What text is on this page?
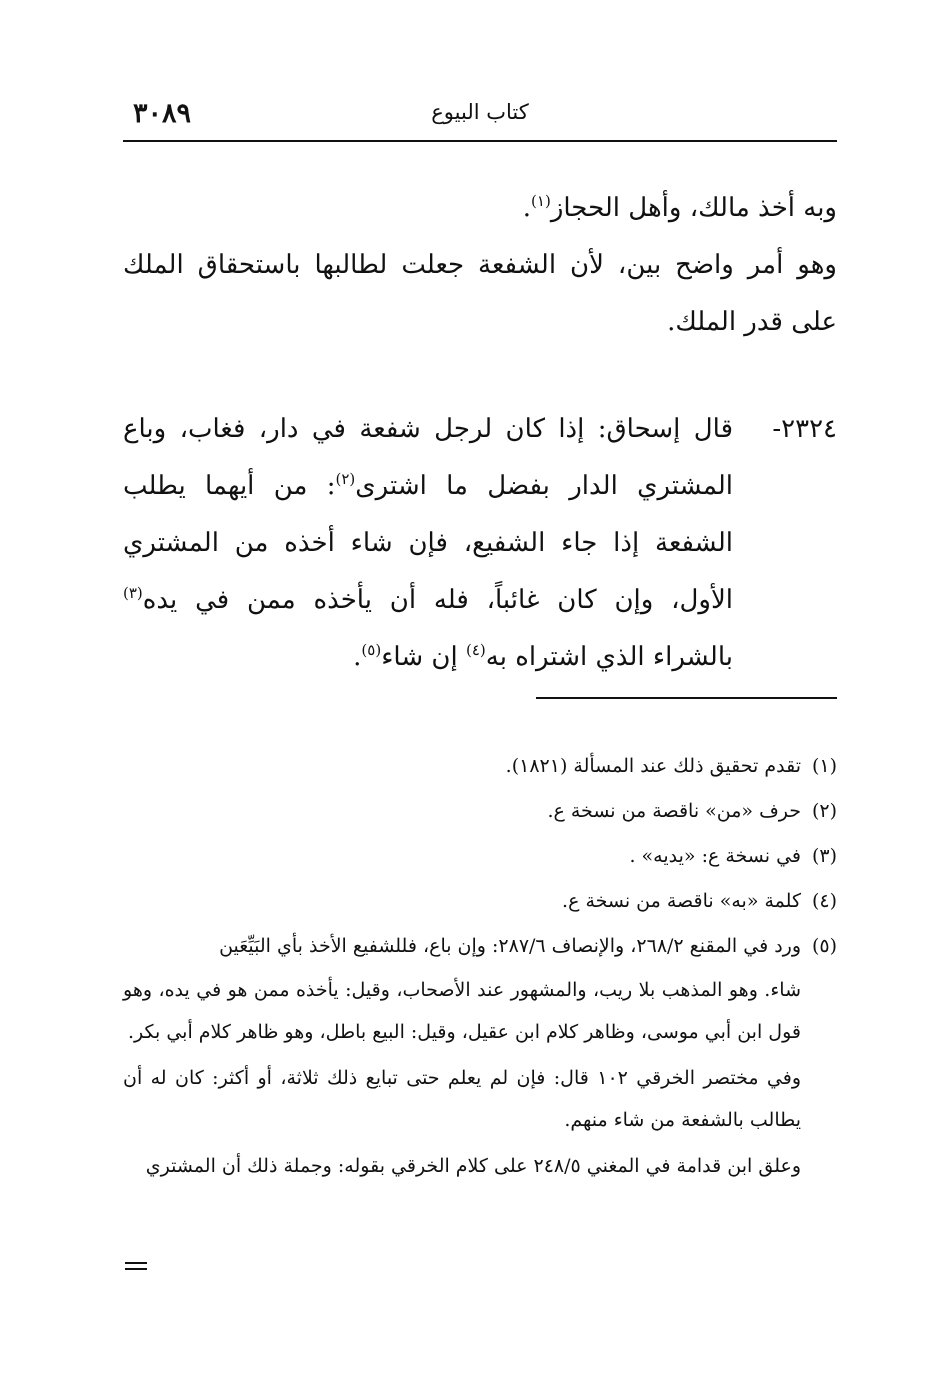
٣٠٨٩	كتاب البيوع

وبه أخذ مالك، وأهل الحجاز$^{(١)}$.

وهو أمر واضح بين، لأن الشفعة جعلت لطالبها باستحقاق الملك على قدر الملك.

٢٣٢٤-

قال إسحاق: إذا كان لرجل شفعة في دار، فغاب، وباع المشتري الدار بفضل ما اشترى$^{(٢)}$: من أيهما يطلب الشفعة إذا جاء الشفيع، فإن شاء أخذه من المشتري الأول، وإن كان غائباً، فله أن يأخذه ممن في يده$^{(٣)}$ بالشراء الذي اشتراه به$^{(٤)}$ إن شاء$^{(٥)}$.

(١)
تقدم تحقيق ذلك عند المسألة (١٨٢١).

(٢)
حرف «من» ناقصة من نسخة ع.

(٣)
في نسخة ع: «يديه» .

(٤)
كلمة «به» ناقصة من نسخة ع.

(٥)
ورد في المقنع ٢٦٨/٢، والإنصاف ٢٨٧/٦: وإن باع، فللشفيع الأخذ بأي البَيِّعَين

شاء. وهو المذهب بلا ريب، والمشهور عند الأصحاب، وقيل: يأخذه ممن هو في يده، وهو قول ابن أبي موسى، وظاهر كلام ابن عقيل، وقيل: البيع باطل، وهو ظاهر كلام أبي بكر.

وفي مختصر الخرقي ١٠٢ قال: فإن لم يعلم حتى تبايع ذلك ثلاثة، أو أكثر: كان له أن يطالب بالشفعة من شاء منهم.

وعلق ابن قدامة في المغني ٢٤٨/٥ على كلام الخرقي بقوله: وجملة ذلك أن المشتري
